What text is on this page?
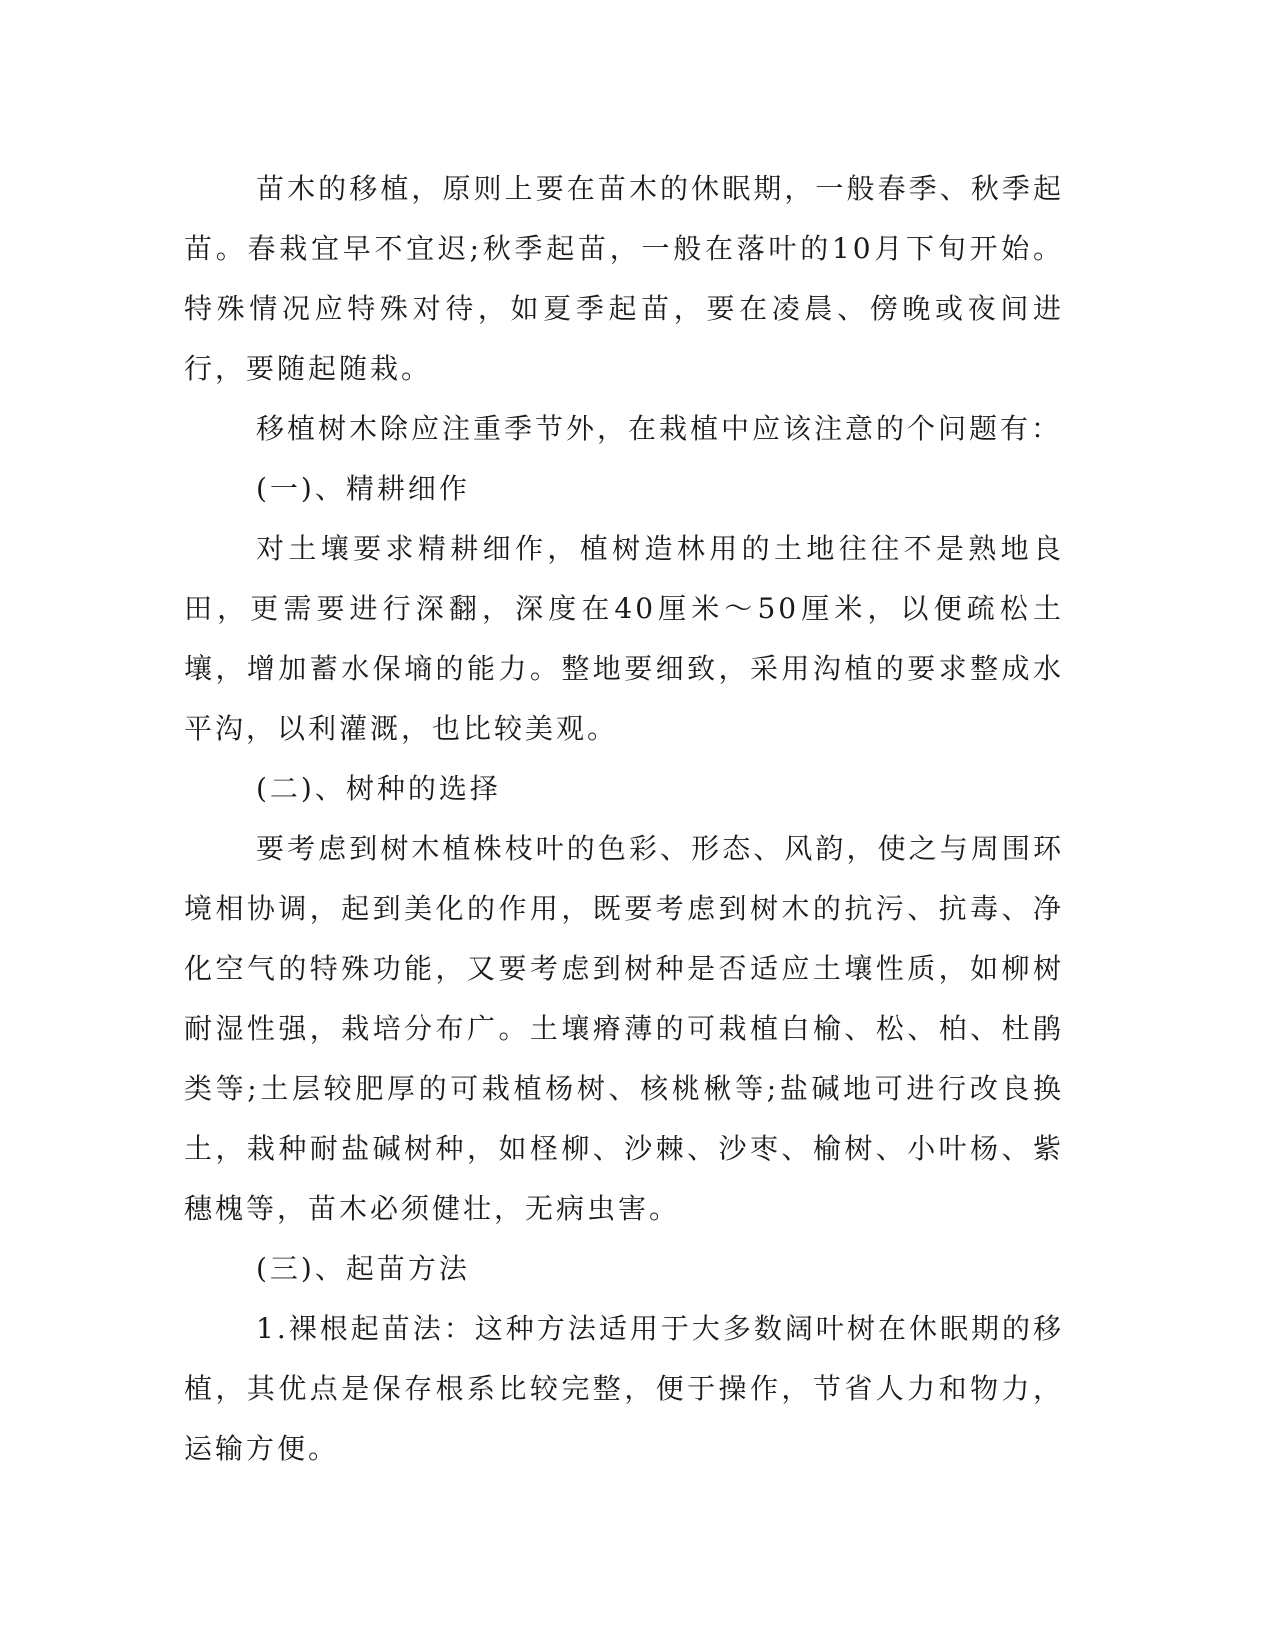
苗木的移植，原则上要在苗木的休眠期，一般春季、秋季起苗。春栽宜早不宜迟;秋季起苗，一般在落叶的10月下旬开始。特殊情况应特殊对待，如夏季起苗，要在凌晨、傍晚或夜间进行，要随起随栽。

移植树木除应注重季节外，在栽植中应该注意的个问题有：

(一)、精耕细作

对土壤要求精耕细作，植树造林用的土地往往不是熟地良田，更需要进行深翻，深度在40厘米～50厘米，以便疏松土壤，增加蓄水保墒的能力。整地要细致，采用沟植的要求整成水平沟，以利灌溉，也比较美观。

(二)、树种的选择

要考虑到树木植株枝叶的色彩、形态、风韵，使之与周围环境相协调，起到美化的作用，既要考虑到树木的抗污、抗毒、净化空气的特殊功能，又要考虑到树种是否适应土壤性质，如柳树耐湿性强，栽培分布广。土壤瘠薄的可栽植白榆、松、柏、杜鹃类等;土层较肥厚的可栽植杨树、核桃楸等;盐碱地可进行改良换土，栽种耐盐碱树种，如柽柳、沙棘、沙枣、榆树、小叶杨、紫穗槐等，苗木必须健壮，无病虫害。

(三)、起苗方法

1.裸根起苗法：这种方法适用于大多数阔叶树在休眠期的移植，其优点是保存根系比较完整，便于操作，节省人力和物力，运输方便。
